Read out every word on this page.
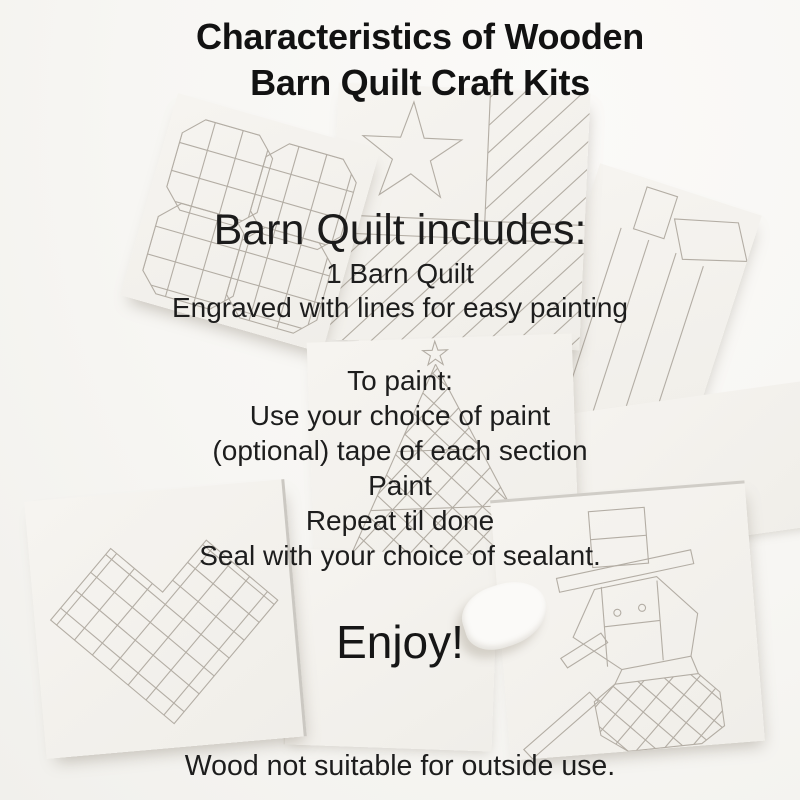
Characteristics of Wooden
Barn Quilt Craft Kits
Barn Quilt includes:
1 Barn Quilt
Engraved with lines for easy painting
To paint:
Use your choice of paint
(optional) tape of each section
Paint
Repeat til done
Seal with your choice of sealant.
Enjoy!
Wood not suitable for outside use.
